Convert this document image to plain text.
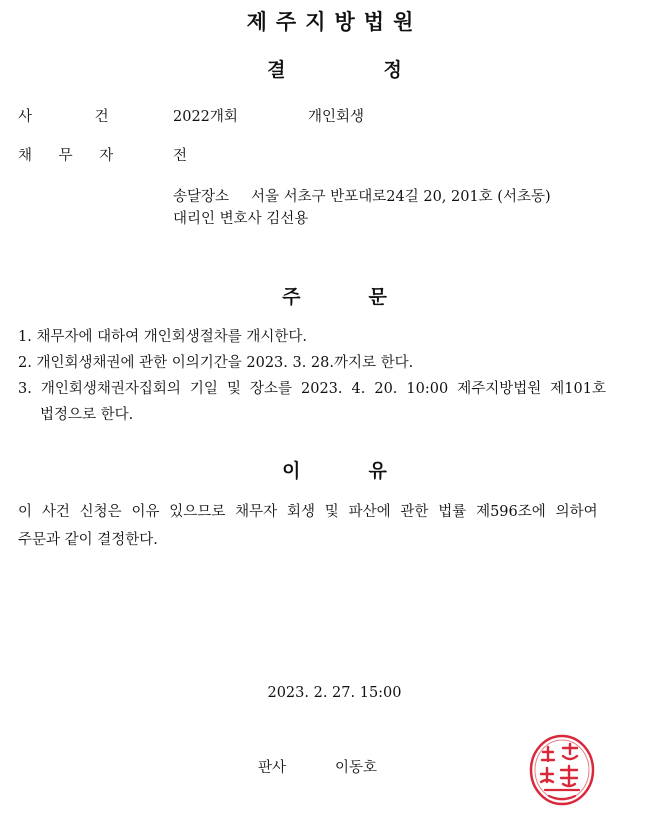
제주지방법원
결	정
사 건	2022개회	개인회생
채 무 자	전
송달장소 서울 서초구 반포대로24길 20, 201호 (서초동)
대리인 변호사 김선용
주	문
1. 채무자에 대하여 개인회생절차를 개시한다.
2. 개인회생채권에 관한 이의기간을 2023. 3. 28.까지로 한다.
3. 개인회생채권자집회의 기일 및 장소를 2023. 4. 20. 10:00 제주지방법원 제101호
법정으로 한다.
이	유
이 사건 신청은 이유 있으므로 채무자 회생 및 파산에 관한 법률 제596조에 의하여
주문과 같이 결정한다.
2023. 2. 27. 15:00
판사	이동호
